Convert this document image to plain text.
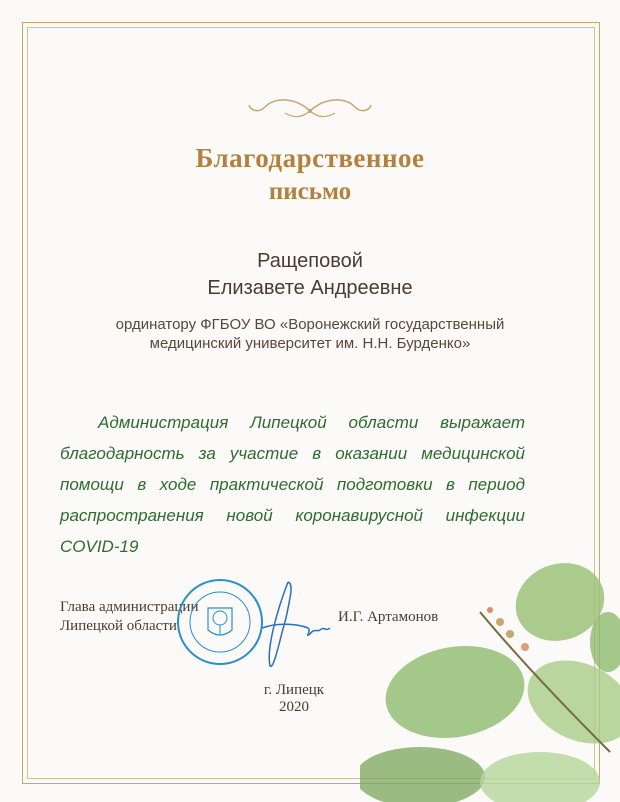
Благодарственное
письмо
Ращеповой
Елизавете Андреевне
ординатору ФГБОУ ВО «Воронежский государственный
медицинский университет им. Н.Н. Бурденко»
Администрация Липецкой области выражает благодарность за участие в оказании медицинской помощи в ходе практической подготовки в период распространения новой коронавирусной инфекции COVID-19
Глава администрации
Липецкой области
И.Г. Артамонов
г. Липецк
2020
